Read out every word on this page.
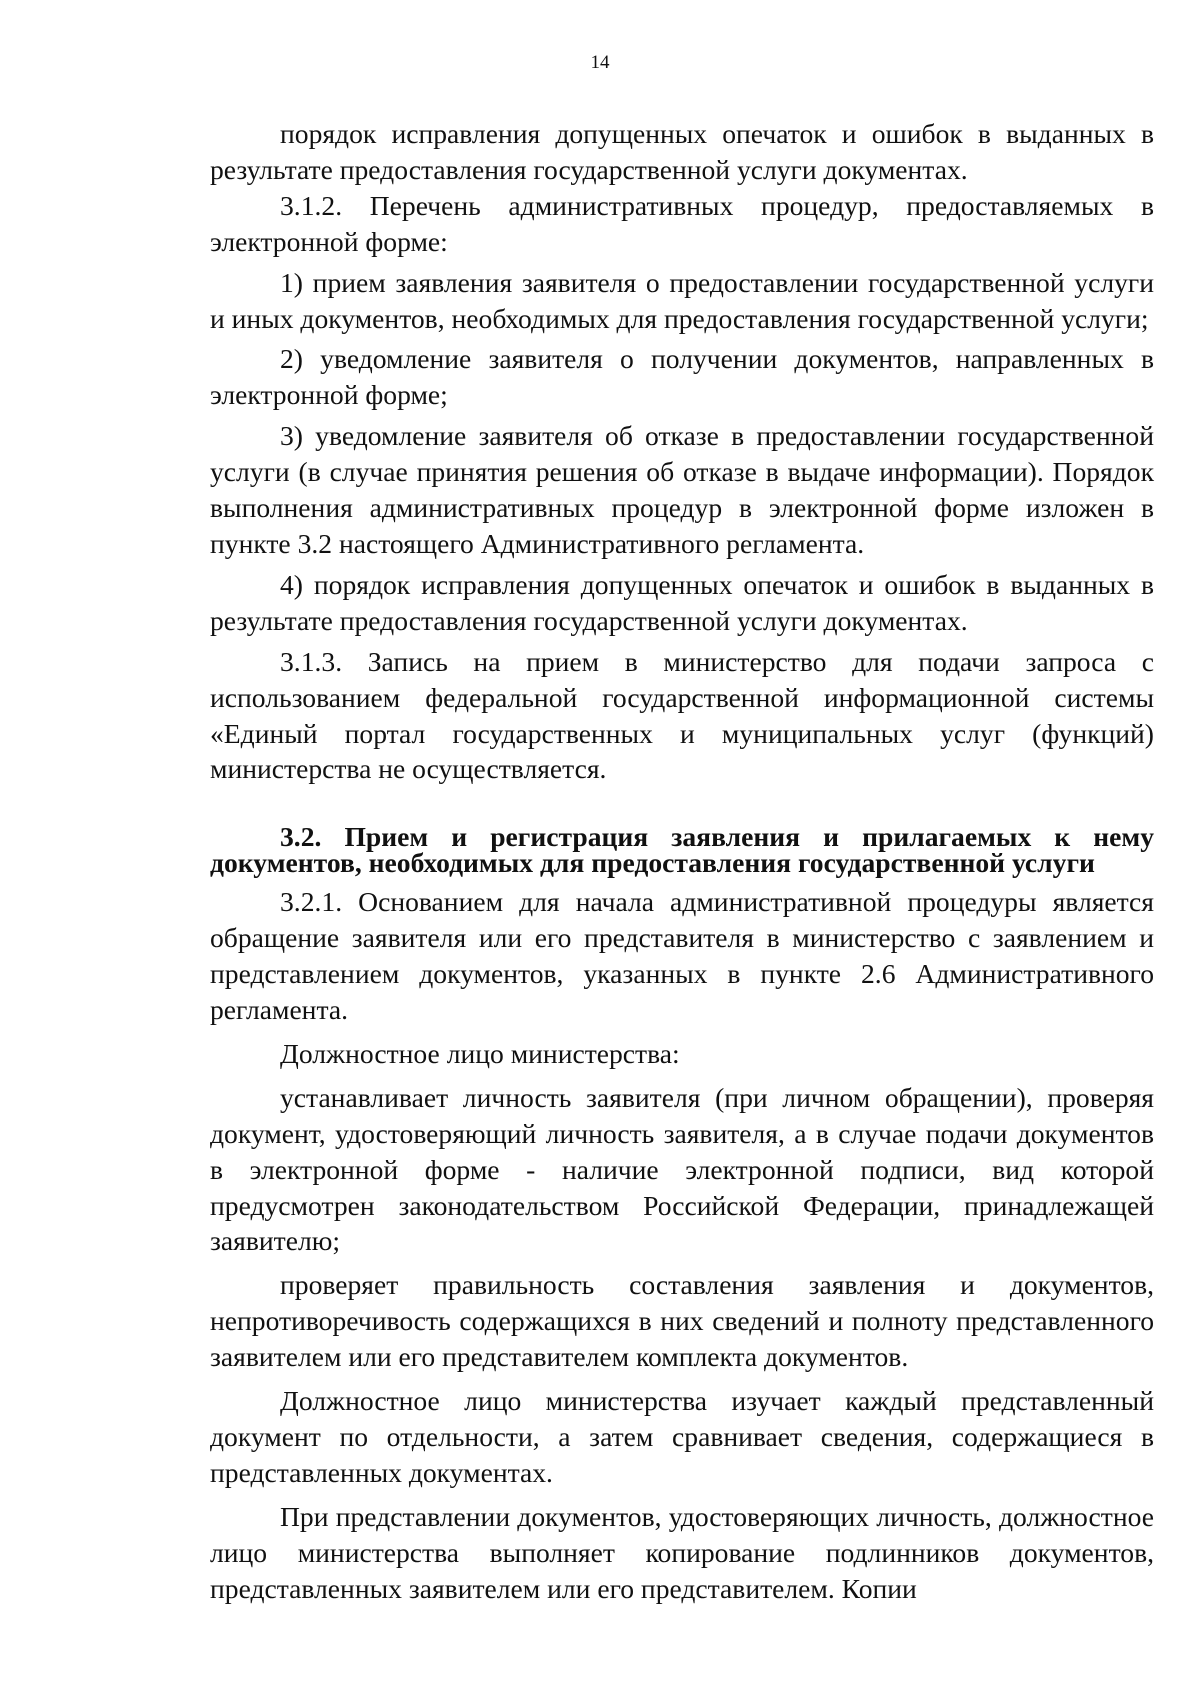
14

порядок исправления допущенных опечаток и ошибок в выданных в результате предоставления государственной услуги документах.

3.1.2. Перечень административных процедур, предоставляемых в электронной форме:

1) прием заявления заявителя о предоставлении государственной услуги и иных документов, необходимых для предоставления государственной услуги;

2) уведомление заявителя о получении документов, направленных в электронной форме;

3) уведомление заявителя об отказе в предоставлении государственной услуги (в случае принятия решения об отказе в выдаче информации). Порядок выполнения административных процедур в электронной форме изложен в пункте 3.2 настоящего Административного регламента.

4) порядок исправления допущенных опечаток и ошибок в выданных в результате предоставления государственной услуги документах.

3.1.3. Запись на прием в министерство для подачи запроса с использованием федеральной государственной информационной системы «Единый портал государственных и муниципальных услуг (функций) министерства не осуществляется.

3.2. Прием и регистрация заявления и прилагаемых к нему документов, необходимых для предоставления государственной услуги

3.2.1. Основанием для начала административной процедуры является обращение заявителя или его представителя в министерство с заявлением и представлением документов, указанных в пункте 2.6 Административного регламента.

Должностное лицо министерства:

устанавливает личность заявителя (при личном обращении), проверяя документ, удостоверяющий личность заявителя, а в случае подачи документов в электронной форме - наличие электронной подписи, вид которой предусмотрен законодательством Российской Федерации, принадлежащей заявителю;

проверяет правильность составления заявления и документов, непротиворечивость содержащихся в них сведений и полноту представленного заявителем или его представителем комплекта документов.

Должностное лицо министерства изучает каждый представленный документ по отдельности, а затем сравнивает сведения, содержащиеся в представленных документах.

При представлении документов, удостоверяющих личность, должностное лицо министерства выполняет копирование подлинников документов, представленных заявителем или его представителем. Копии
